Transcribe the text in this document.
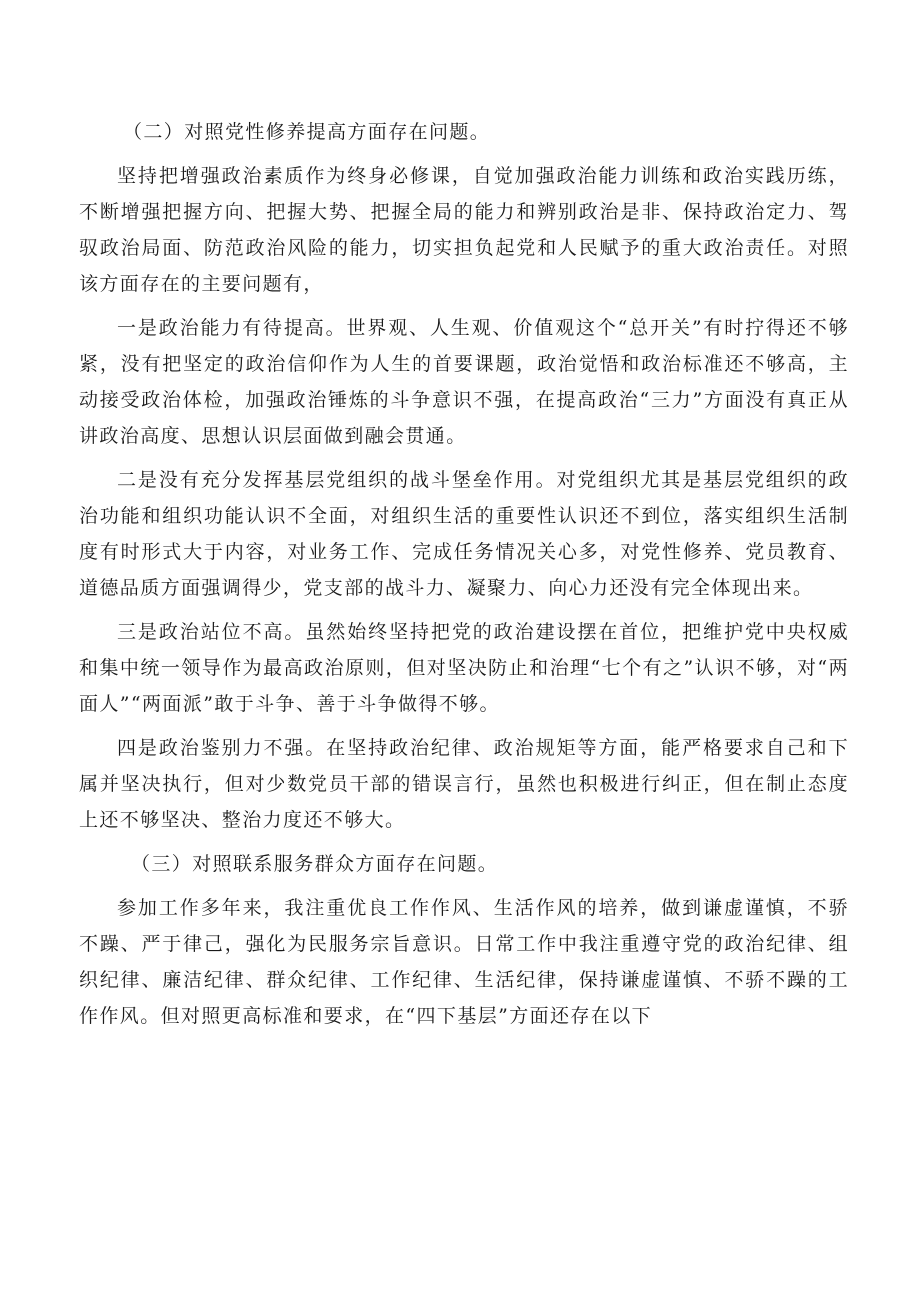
（二）对照党性修养提高方面存在问题。

坚持把增强政治素质作为终身必修课，自觉加强政治能力训练和政治实践历练，不断增强把握方向、把握大势、把握全局的能力和辨别政治是非、保持政治定力、驾驭政治局面、防范政治风险的能力，切实担负起党和人民赋予的重大政治责任。对照该方面存在的主要问题有，

一是政治能力有待提高。世界观、人生观、价值观这个“总开关”有时拧得还不够紧，没有把坚定的政治信仰作为人生的首要课题，政治觉悟和政治标准还不够高，主动接受政治体检，加强政治锤炼的斗争意识不强，在提高政治“三力”方面没有真正从讲政治高度、思想认识层面做到融会贯通。

二是没有充分发挥基层党组织的战斗堡垒作用。对党组织尤其是基层党组织的政治功能和组织功能认识不全面，对组织生活的重要性认识还不到位，落实组织生活制度有时形式大于内容，对业务工作、完成任务情况关心多，对党性修养、党员教育、道德品质方面强调得少，党支部的战斗力、凝聚力、向心力还没有完全体现出来。

三是政治站位不高。虽然始终坚持把党的政治建设摆在首位，把维护党中央权威和集中统一领导作为最高政治原则，但对坚决防止和治理“七个有之”认识不够，对“两面人”“两面派”敢于斗争、善于斗争做得不够。

四是政治鉴别力不强。在坚持政治纪律、政治规矩等方面，能严格要求自己和下属并坚决执行，但对少数党员干部的错误言行，虽然也积极进行纠正，但在制止态度上还不够坚决、整治力度还不够大。

（三）对照联系服务群众方面存在问题。

参加工作多年来，我注重优良工作作风、生活作风的培养，做到谦虚谨慎，不骄不躁、严于律己，强化为民服务宗旨意识。日常工作中我注重遵守党的政治纪律、组织纪律、廉洁纪律、群众纪律、工作纪律、生活纪律，保持谦虚谨慎、不骄不躁的工作作风。但对照更高标准和要求，在“四下基层”方面还存在以下
